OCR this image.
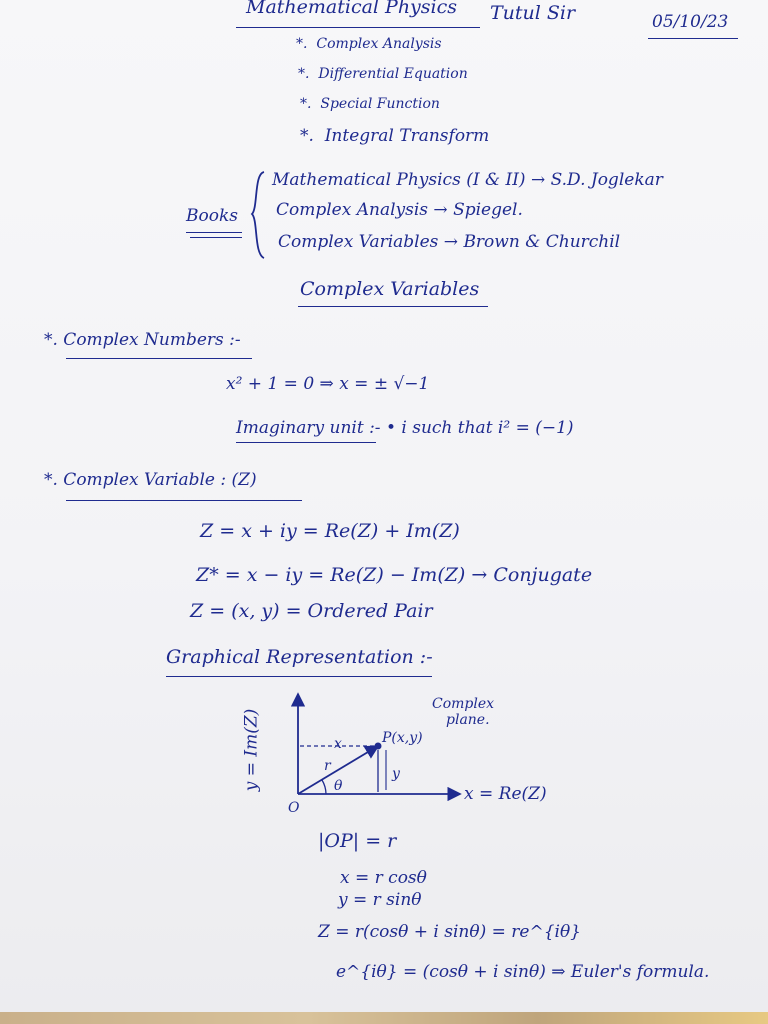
Mathematical Physics Tutul Sir	05/10/23
*. Complex Analysis
*. Differential Equation
*. Special Function
*. Integral Transform
Books
Mathematical Physics (I & II) → S.D. Joglekar
Complex Analysis → Spiegel.
Complex Variables → Brown & Churchil
Complex Variables
*. Complex Numbers :-
x² + 1 = 0 ⇒ x = ± √−1
Imaginary unit :- • i such that i² = (−1)
*. Complex Variable : (Z)
Z = x + iy = Re(Z) + Im(Z)
Z* = x − iy = Re(Z) − Im(Z) → Conjugate
Z = (x, y) = Ordered Pair
Graphical Representation :-
y = Im(Z)
x = Re(Z)
O
P(x,y)
Complex
plane.
x
y
r
θ
|OP| = r
x = r cosθ
y = r sinθ
Z = r(cosθ + i sinθ) = re^{iθ}
e^{iθ} = (cosθ + i sinθ) ⇒ Euler's formula.
